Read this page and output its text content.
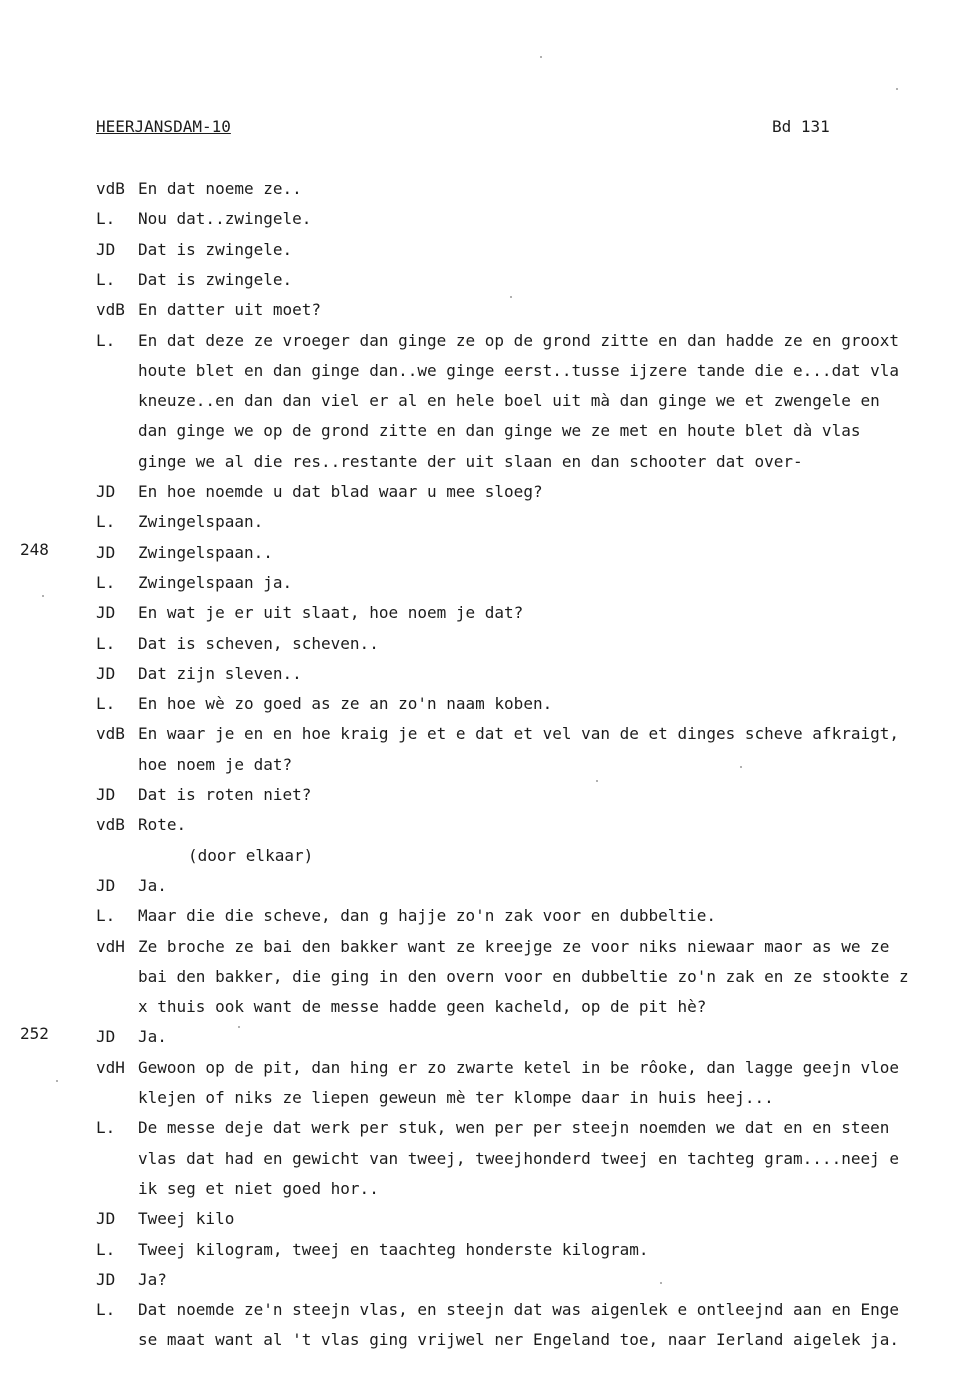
HEERJANSDAM-10	Bd 131
248
252
vdB En dat noeme ze..
L.	Nou dat..zwingele.
JD	Dat is zwingele.
L.	Dat is zwingele.
vdB En datter uit moet?
L.	En dat deze ze vroeger dan ginge ze op de grond zitte en dan hadde ze en grooxt
houte blet en dan ginge dan..we ginge eerst..tusse ijzere tande die e...dat vla
kneuze..en dan dan viel er al en hele boel uit mà dan ginge we et zwengele en
dan ginge we op de grond zitte en dan ginge we ze met en houte blet dà vlas
ginge we al die res..restante der uit slaan en dan schooter dat over-
JD	En hoe noemde u dat blad waar u mee sloeg?
L.	Zwingelspaan.
JD	Zwingelspaan..
L.	Zwingelspaan ja.
JD	En wat je er uit slaat, hoe noem je dat?
L.	Dat is scheven, scheven..
JD	Dat zijn sleven..
L.	En hoe wè zo goed as ze an zo'n naam koben.
vdB En waar je en en hoe kraig je et e dat et vel van de et dinges scheve afkraigt,
hoe noem je dat?
JD	Dat is roten niet?
vdB Rote.
(door elkaar)
JD	Ja.
L.	Maar die die scheve, dan g hajje zo'n zak voor en dubbeltie.
vdH Ze broche ze bai den bakker want ze kreejge ze voor niks niewaar maor as we ze
bai den bakker, die ging in den overn voor en dubbeltie zo'n zak en ze stookte z
x thuis ook want de messe hadde geen kacheld, op de pit hè?
JD	Ja.
vdH Gewoon op de pit, dan hing er zo zwarte ketel in be rôoke, dan lagge geejn vloe
klejen of niks ze liepen geweun mè ter klompe daar in huis heej...
L.	De messe deje dat werk per stuk, wen per per steejn noemden we dat en en steen
vlas dat had en gewicht van tweej, tweejhonderd tweej en tachteg gram....neej e
ik seg et niet goed hor..
JD	Tweej kilo
L.	Tweej kilogram, tweej en taachteg honderste kilogram.
JD	Ja?
L.	Dat noemde ze'n steejn vlas, en steejn dat was aigenlek e ontleejnd aan en Enge
se maat want al 't vlas ging vrijwel ner Engeland toe, naar Ierland aigelek ja.
